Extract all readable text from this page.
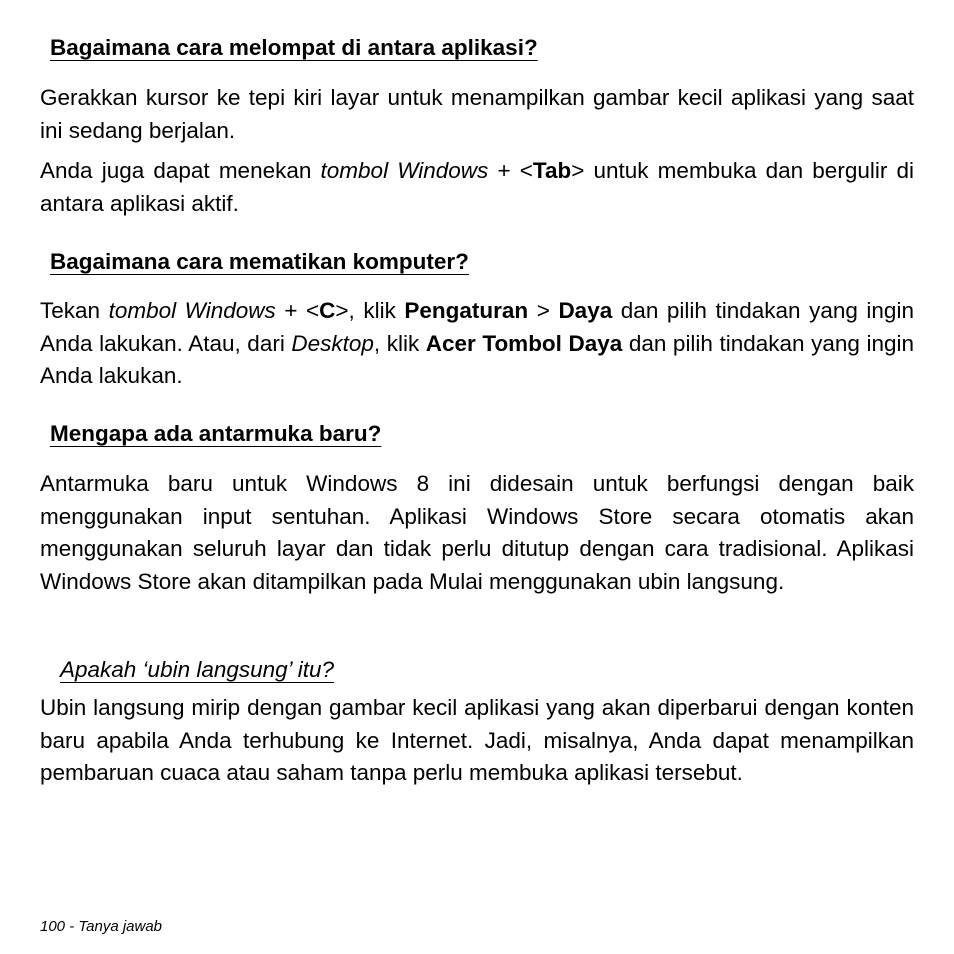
Bagaimana cara melompat di antara aplikasi?

Gerakkan kursor ke tepi kiri layar untuk menampilkan gambar kecil aplikasi yang saat ini sedang berjalan.

Anda juga dapat menekan tombol Windows + <Tab> untuk membuka dan bergulir di antara aplikasi aktif.

Bagaimana cara mematikan komputer?

Tekan tombol Windows + <C>, klik Pengaturan > Daya dan pilih tindakan yang ingin Anda lakukan. Atau, dari Desktop, klik Acer Tombol Daya dan pilih tindakan yang ingin Anda lakukan.

Mengapa ada antarmuka baru?

Antarmuka baru untuk Windows 8 ini didesain untuk berfungsi dengan baik menggunakan input sentuhan. Aplikasi Windows Store secara otomatis akan menggunakan seluruh layar dan tidak perlu ditutup dengan cara tradisional. Aplikasi Windows Store akan ditampilkan pada Mulai menggunakan ubin langsung.

Apakah ‘ubin langsung’ itu?

Ubin langsung mirip dengan gambar kecil aplikasi yang akan diperbarui dengan konten baru apabila Anda terhubung ke Internet. Jadi, misalnya, Anda dapat menampilkan pembaruan cuaca atau saham tanpa perlu membuka aplikasi tersebut.

100 - Tanya jawab
